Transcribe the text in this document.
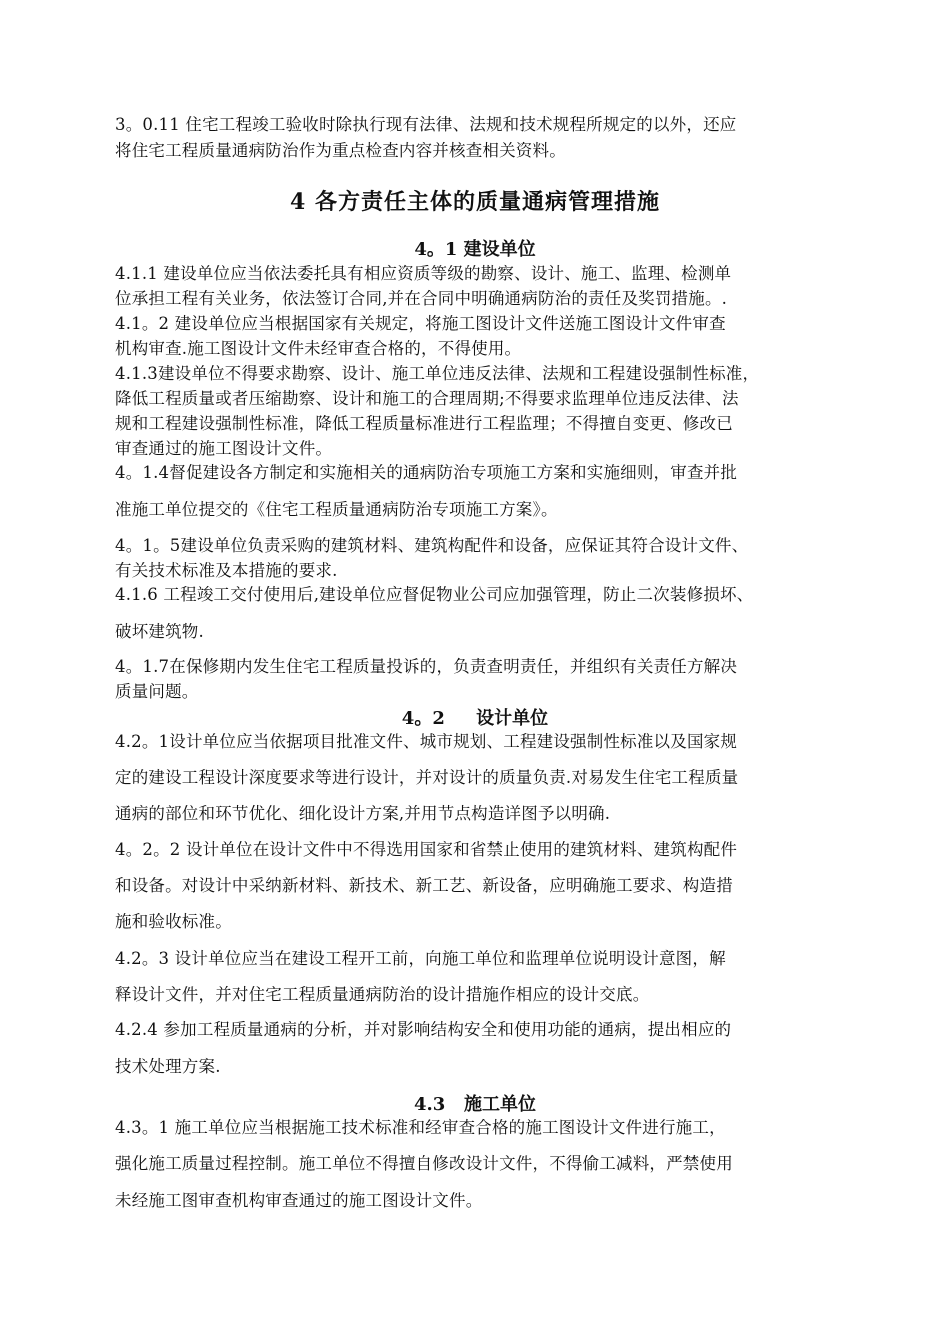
3。0.11 住宅工程竣工验收时除执行现有法律、法规和技术规程所规定的以外，还应
将住宅工程质量通病防治作为重点检查内容并核查相关资料。
4 各方责任主体的质量通病管理措施
4。1 建设单位
4.1.1 建设单位应当依法委托具有相应资质等级的勘察、设计、施工、监理、检测单
位承担工程有关业务，依法签订合同,并在合同中明确通病防治的责任及奖罚措施。.
4.1。2 建设单位应当根据国家有关规定，将施工图设计文件送施工图设计文件审查
机构审查.施工图设计文件未经审查合格的，不得使用。
4.1.3建设单位不得要求勘察、设计、施工单位违反法律、法规和工程建设强制性标准，
降低工程质量或者压缩勘察、设计和施工的合理周期;不得要求监理单位违反法律、法
规和工程建设强制性标准，降低工程质量标准进行工程监理；不得擅自变更、修改已
审查通过的施工图设计文件。
4。1.4督促建设各方制定和实施相关的通病防治专项施工方案和实施细则，审查并批
准施工单位提交的《住宅工程质量通病防治专项施工方案》。
4。1。5建设单位负责采购的建筑材料、建筑构配件和设备，应保证其符合设计文件、
有关技术标准及本措施的要求.
4.1.6 工程竣工交付使用后,建设单位应督促物业公司应加强管理，防止二次装修损坏、
破坏建筑物.
4。1.7在保修期内发生住宅工程质量投诉的，负责查明责任，并组织有关责任方解决
质量问题。
4。2     设计单位
4.2。1设计单位应当依据项目批准文件、城市规划、工程建设强制性标准以及国家规
定的建设工程设计深度要求等进行设计，并对设计的质量负责.对易发生住宅工程质量
通病的部位和环节优化、细化设计方案,并用节点构造详图予以明确.
4。2。2 设计单位在设计文件中不得选用国家和省禁止使用的建筑材料、建筑构配件
和设备。对设计中采纳新材料、新技术、新工艺、新设备，应明确施工要求、构造措
施和验收标准。
4.2。3 设计单位应当在建设工程开工前，向施工单位和监理单位说明设计意图，解
释设计文件，并对住宅工程质量通病防治的设计措施作相应的设计交底。
4.2.4 参加工程质量通病的分析，并对影响结构安全和使用功能的通病，提出相应的
技术处理方案.
4.3   施工单位
4.3。1 施工单位应当根据施工技术标准和经审查合格的施工图设计文件进行施工，
强化施工质量过程控制。施工单位不得擅自修改设计文件，不得偷工减料，严禁使用
未经施工图审查机构审查通过的施工图设计文件。
